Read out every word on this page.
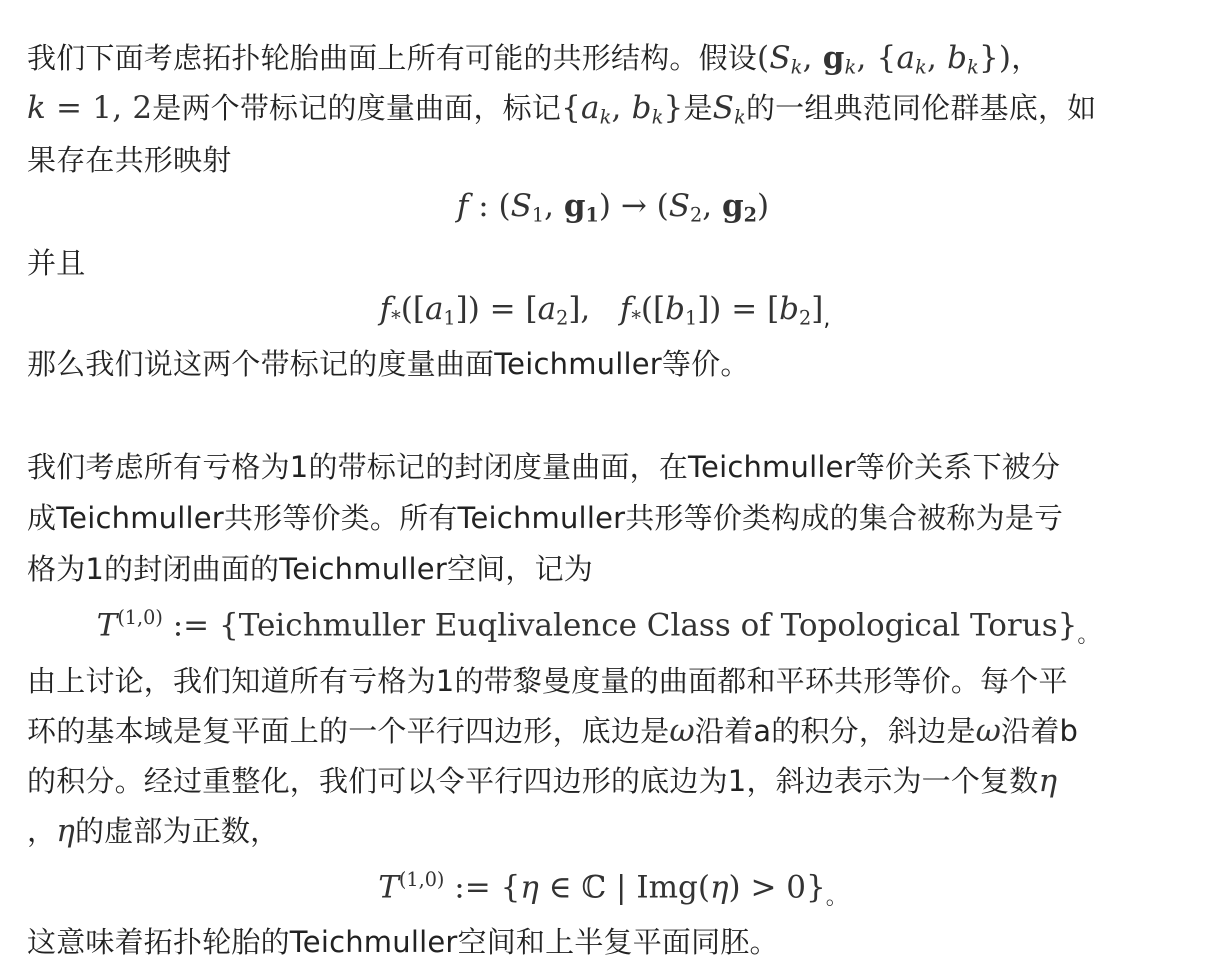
我们下面考虑拓扑轮胎曲面上所有可能的共形结构。假设($S_k$, $g_k$, {$a_k$, $b_k$})，
k = 1, 2是两个带标记的度量曲面，标记{$a_k$, $b_k$}是$S_k$的一组典范同伦群基底，如
果存在共形映射
f : ($S_1$, $g_1) \to (S_2$, $g_2$)
并且
$f_*([a_1]) = [a_2]$,   $f_*([b_1]) = [b_2]_,$
那么我们说这两个带标记的度量曲面Teichmuller等价。
我们考虑所有亏格为1的带标记的封闭度量曲面，在Teichmuller等价关系下被分
成Teichmuller共形等价类。所有Teichmuller共形等价类构成的集合被称为是亏
格为1的封闭曲面的Teichmuller空间，记为
T$^{(1,0)}$ := {Teichmuller Euqlivalence Class of Topological $Torus\}_。$
由上讨论，我们知道所有亏格为1的带黎曼度量的曲面都和平环共形等价。每个平
环的基本域是复平面上的一个平行四边形，底边是ω沿着a的积分，斜边是ω沿着b
的积分。经过重整化，我们可以令平行四边形的底边为1，斜边表示为一个复数η
，η的虚部为正数，
T$^{(1,0)}$ := {η ∈ ℂ | $Img(\eta) > 0\}_。$
这意味着拓扑轮胎的Teichmuller空间和上半复平面同胚。
